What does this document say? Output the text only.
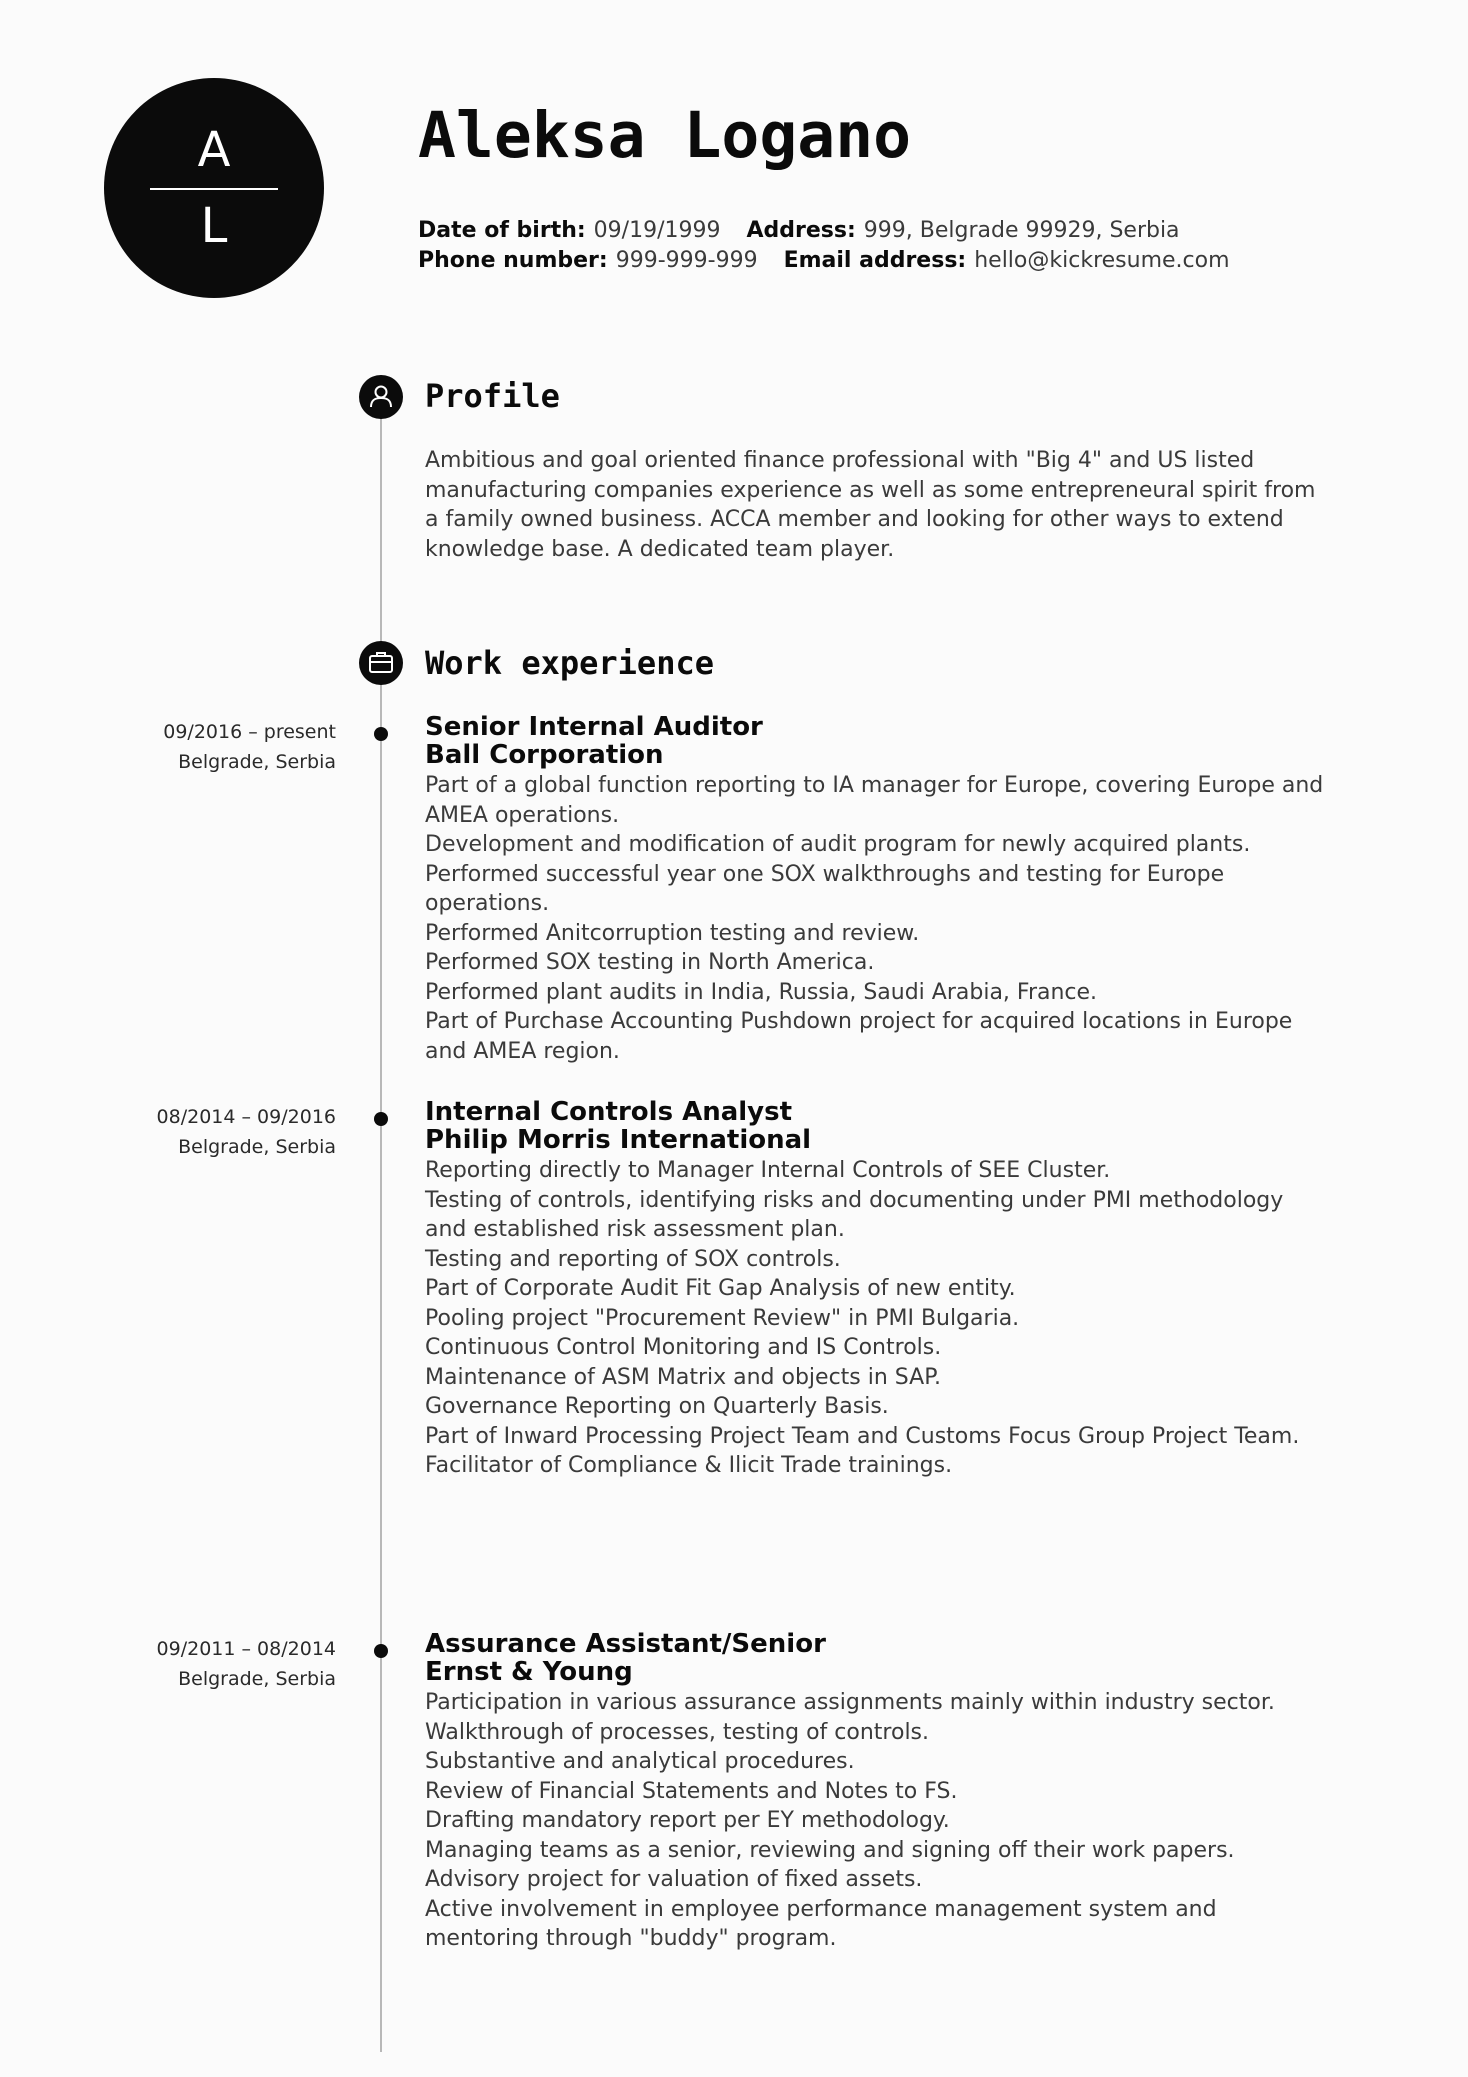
A
L
Aleksa Logano
Date of birth: 09/19/1999 Address: 999, Belgrade 99929, Serbia
Phone number: 999-999-999 Email address: hello@kickresume.com
Profile

Ambitious and goal oriented finance professional with "Big 4" and US listed manufacturing companies experience as well as some entrepreneural spirit from a family owned business. ACCA member and looking for other ways to extend knowledge base. A dedicated team player.

Work experience
09/2016 – present
Belgrade, Serbia
Senior Internal Auditor
Ball Corporation
Part of a global function reporting to IA manager for Europe, covering Europe and AMEA operations.
Development and modification of audit program for newly acquired plants.
Performed successful year one SOX walkthroughs and testing for Europe operations.
Performed Anitcorruption testing and review.
Performed SOX testing in North America.
Performed plant audits in India, Russia, Saudi Arabia, France.
Part of Purchase Accounting Pushdown project for acquired locations in Europe and AMEA region.
08/2014 – 09/2016
Belgrade, Serbia
Internal Controls Analyst
Philip Morris International
Reporting directly to Manager Internal Controls of SEE Cluster.
Testing of controls, identifying risks and documenting under PMI methodology and established risk assessment plan.
Testing and reporting of SOX controls.
Part of Corporate Audit Fit Gap Analysis of new entity.
Pooling project "Procurement Review" in PMI Bulgaria.
Continuous Control Monitoring and IS Controls.
Maintenance of ASM Matrix and objects in SAP.
Governance Reporting on Quarterly Basis.
Part of Inward Processing Project Team and Customs Focus Group Project Team.
Facilitator of Compliance & Ilicit Trade trainings.
09/2011 – 08/2014
Belgrade, Serbia
Assurance Assistant/Senior
Ernst & Young
Participation in various assurance assignments mainly within industry sector.
Walkthrough of processes, testing of controls.
Substantive and analytical procedures.
Review of Financial Statements and Notes to FS.
Drafting mandatory report per EY methodology.
Managing teams as a senior, reviewing and signing off their work papers.
Advisory project for valuation of fixed assets.
Active involvement in employee performance management system and mentoring through "buddy" program.
